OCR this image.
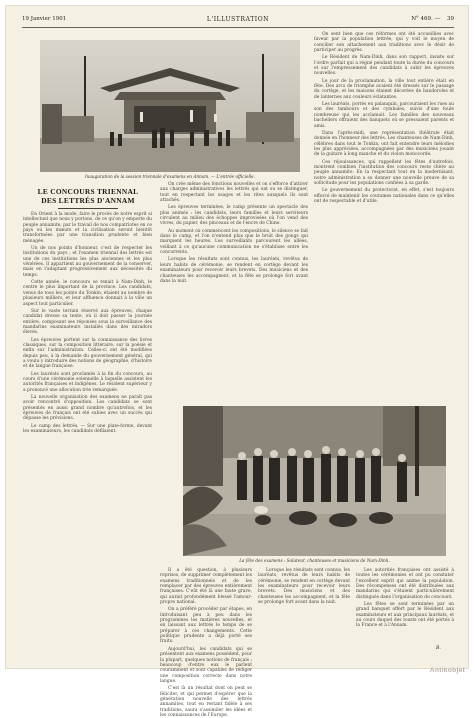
19 Janvier 1901	L'ILLUSTRATION	N° 469. — 39
Inauguration de la session triennale d'examens en Annam. — L'entrée officielle.
LE CONCOURS TRIENNAL
DES LETTRÉS D'ANNAM

En Orient à la mode, faire le procès de notre esprit si intellectuel que nous y portons, de ce qu'on y emporte du peuple annamite, par le travail de nos compatriotes en ce pays où les mœurs et la civilisation seront bientôt transformées par une transition prudente et bien ménagée.

Un de nos points d'honneur, c'est de respecter les institutions du pays ; et l'examen triennal des lettrés est une de ces institutions les plus anciennes et les plus vénérées. Il appartient au gouvernement de la conserver, mais en l'adaptant progressivement aux nécessités du temps.

Cette année, le concours se tenait à Nam-Dinh, le centre le plus important de la province. Les candidats, venus de tous les points du Tonkin, étaient au nombre de plusieurs milliers, et leur affluence donnait à la ville un aspect tout particulier.

Sur le vaste terrain réservé aux épreuves, chaque candidat dresse sa tente, où il doit passer la journée entière, composant ses réponses sous la surveillance des mandarins examinateurs installés dans des miradors élevés.

Les épreuves portent sur la connaissance des livres classiques, sur la composition littéraire, sur la poésie et enfin sur l'administration. Celles-ci ont été modifiées depuis peu, à la demande du gouvernement général, qui a voulu y introduire des notions de géographie, d'histoire et de langue française.

Les lauréats sont proclamés à la fin du concours, au cours d'une cérémonie solennelle à laquelle assistent les autorités françaises et indigènes. Le résident supérieur y a prononcé une allocution très remarquée.

La nouvelle organisation des examens ne paraît pas avoir rencontré d'opposition. Les candidats se sont présentés en aussi grand nombre qu'autrefois, et les épreuves de français ont été subies avec un succès qui dépasse les prévisions.

Le camp des lettrés. — Sur une plate-forme, devant les examinateurs, les candidats défilaient.

On crée même des fonctions nouvelles et on s'efforce d'attirer aux charges administratives les lettrés qui ont su se distinguer, tout en respectant les usages et les rites auxquels ils sont attachés.

Les épreuves terminées, le camp présente un spectacle des plus animés : les candidats, leurs familles et leurs serviteurs circulent au milieu des échoppes improvisées où l'on vend des vivres, du papier, des pinceaux et de l'encre de Chine.

Au moment où commencent les compositions, le silence se fait dans le camp, et l'on n'entend plus que le bruit des gongs qui marquent les heures. Les surveillants parcourent les allées, veillant à ce qu'aucune communication ne s'établisse entre les concurrents.

Lorsque les résultats sont connus, les lauréats, revêtus de leurs habits de cérémonie, se rendent en cortège devant les examinateurs pour recevoir leurs brevets. Des musiciens et des chanteuses les accompagnent, et la fête se prolonge fort avant dans la nuit.

On sent bien que ces réformes ont été accueillies avec faveur par la population lettrée, qui y voit le moyen de concilier son attachement aux traditions avec le désir de participer au progrès.

Le Résident de Nam-Dinh, dans son rapport, insiste sur l'ordre parfait qui a régné pendant toute la durée du concours et sur l'empressement des candidats à subir les épreuves nouvelles.

Le jour de la proclamation, la ville tout entière était en fête. Des arcs de triomphe avaient été dressés sur le passage du cortège, et les maisons étaient décorées de banderoles et de lanternes aux couleurs éclatantes.

Les lauréats, portés en palanquin, parcouraient les rues au son des tambours et des cymbales, suivis d'une foule nombreuse qui les acclamait. Les familles des nouveaux bacheliers offraient des banquets où se pressaient parents et amis.

Dans l'après-midi, une représentation théâtrale était donnée en l'honneur des lettrés. Les chanteuses de Nam-Dinh, célèbres dans tout le Tonkin, ont fait entendre leurs mélodies les plus appréciées, accompagnées par des musiciens jouant de la guitare à long manche et du violon monocorde.

Ces réjouissances, qui rappellent les fêtes d'autrefois, montrent combien l'institution des concours reste chère au peuple annamite. En la respectant tout en la modernisant, notre administration a su donner une nouvelle preuve de sa sollicitude pour les populations confiées à sa garde.

Le gouvernement du protectorat, en effet, s'est toujours efforcé de maintenir les coutumes nationales dans ce qu'elles ont de respectable et d'utile.

La fête des examens : Saluteur, chanteuses et musiciens de Nam-Dinh.

Il a été question, à plusieurs reprises, de supprimer complètement les examens traditionnels et de les remplacer par des épreuves entièrement françaises. C'eût été là une faute grave, qui aurait profondément blessé l'amour-propre national.

On a préféré procéder par étapes, en introduisant peu à peu dans les programmes les matières nouvelles, et en laissant aux lettrés le temps de se préparer à ces changements. Cette politique prudente a déjà porté ses fruits.

Aujourd'hui, les candidats qui se présentent aux examens possèdent, pour la plupart, quelques notions de français ; beaucoup d'entre eux le parlent couramment et sont capables de rédiger une composition correcte dans notre langue.

C'est là un résultat dont on peut se féliciter, et qui permet d'espérer que la génération nouvelle des lettrés annamites, tout en restant fidèle à ses traditions, saura s'assimiler les idées et les connaissances de l'Europe.

Lorsque les résultats sont connus, les lauréats, revêtus de leurs habits de cérémonie, se rendent en cortège devant les examinateurs pour recevoir leurs brevets. Des musiciens et des chanteuses les accompagnent, et la fête se prolonge fort avant dans la nuit.

Les autorités françaises ont assisté à toutes les cérémonies et ont pu constater l'excellent esprit qui anime la population. Des récompenses ont été distribuées aux mandarins qui s'étaient particulièrement distingués dans l'organisation du concours.

Les fêtes se sont terminées par un grand banquet offert par le Résident aux examinateurs et aux principaux lauréats, et au cours duquel des toasts ont été portés à la France et à l'Annam.

B.
Antikobjet
